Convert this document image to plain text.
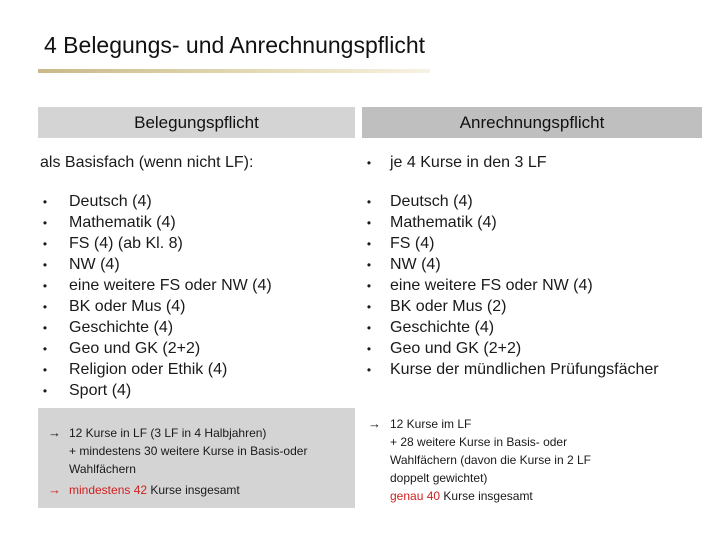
4 Belegungs- und Anrechnungspflicht
Belegungspflicht	Anrechnungspflicht
als Basisfach (wenn nicht LF):
• Deutsch (4)
• Mathematik (4)
• FS (4) (ab Kl. 8)
• NW (4)
• eine weitere FS oder NW (4)
• BK oder Mus (4)
• Geschichte (4)
• Geo und GK (2+2)
• Religion oder Ethik (4)
• Sport (4)
→ 12 Kurse in LF (3 LF in 4 Halbjahren)
+ mindestens 30 weitere Kurse in Basis-oder
Wahlfächern
→ mindestens 42 Kurse insgesamt
• je 4 Kurse in den 3 LF
• Deutsch (4)
• Mathematik (4)
• FS (4)
• NW (4)
• eine weitere FS oder NW (4)
• BK oder Mus (2)
• Geschichte (4)
• Geo und GK (2+2)
• Kurse der mündlichen Prüfungsfächer
→ 12 Kurse im LF
+ 28 weitere Kurse in Basis- oder
Wahlfächern (davon die Kurse in 2 LF
doppelt gewichtet)
genau 40 Kurse insgesamt
